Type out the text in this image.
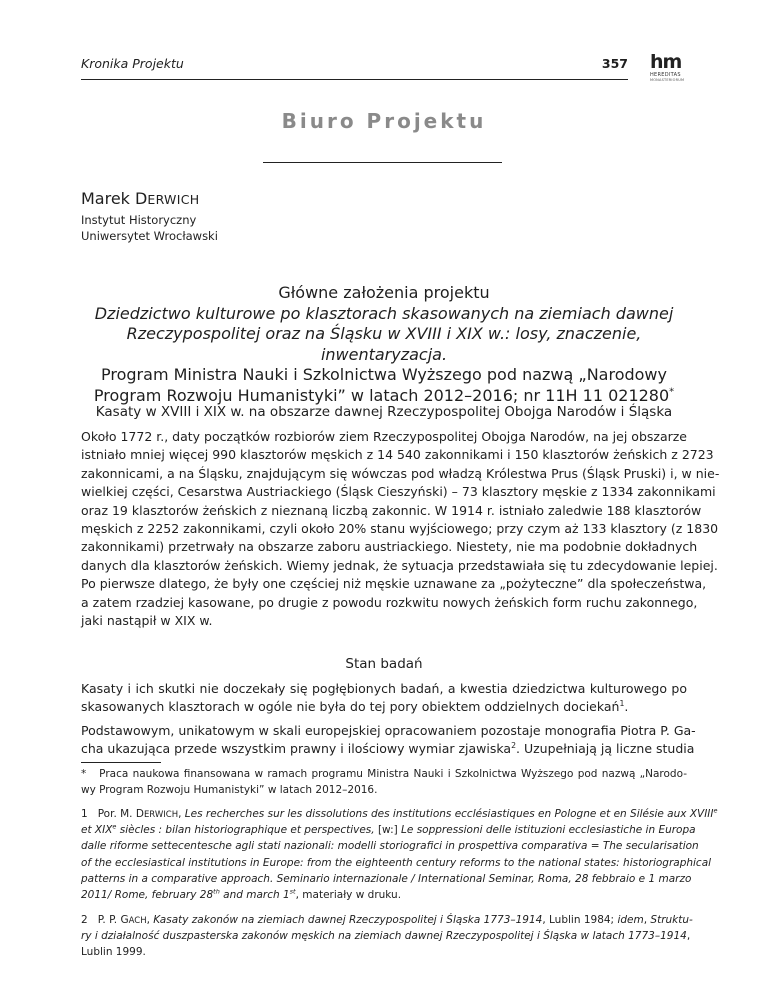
Kronika Projektu	357 hm
HEREDITAS
MONASTERIORUM
Biuro Projektu
Marek DERWICH
Instytut Historyczny
Uniwersytet Wrocławski
Główne założenia projektu
Dziedzictwo kulturowe po klasztorach skasowanych na ziemiach dawnej
Rzeczypospolitej oraz na Śląsku w XVIII i XIX w.: losy, znaczenie, inwentaryzacja.
Program Ministra Nauki i Szkolnictwa Wyższego pod nazwą „Narodowy
Program Rozwoju Humanistyki” w latach 2012–2016; nr 11H 11 021280*
Kasaty w XVIII i XIX w. na obszarze dawnej Rzeczypospolitej Obojga Narodów i Śląska
Około 1772 r., daty początków rozbiorów ziem Rzeczypospolitej Obojga Narodów, na jej obszarze
istniało mniej więcej 990 klasztorów męskich z 14 540 zakonnikami i 150 klasztorów żeńskich z 2723
zakonnicami, a na Śląsku, znajdującym się wówczas pod władzą Królestwa Prus (Śląsk Pruski) i, w nie-
wielkiej części, Cesarstwa Austriackiego (Śląsk Cieszyński) – 73 klasztory męskie z 1334 zakonnikami
oraz 19 klasztorów żeńskich z nieznaną liczbą zakonnic. W 1914 r. istniało zaledwie 188 klasztorów
męskich z 2252 zakonnikami, czyli około 20% stanu wyjściowego; przy czym aż 133 klasztory (z 1830
zakonnikami) przetrwały na obszarze zaboru austriackiego. Niestety, nie ma podobnie dokładnych
danych dla klasztorów żeńskich. Wiemy jednak, że sytuacja przedstawiała się tu zdecydowanie lepiej.
Po pierwsze dlatego, że były one częściej niż męskie uznawane za „pożyteczne” dla społeczeństwa,
a zatem rzadziej kasowane, po drugie z powodu rozkwitu nowych żeńskich form ruchu zakonnego,
jaki nastąpił w XIX w.
Stan badań
Kasaty i ich skutki nie doczekały się pogłębionych badań, a kwestia dziedzictwa kulturowego po
skasowanych klasztorach w ogóle nie była do tej pory obiektem oddzielnych dociekań$^1$.
Podstawowym, unikatowym w skali europejskiej opracowaniem pozostaje monografia Piotra P. Ga-
cha ukazująca przede wszystkim prawny i ilościowy wymiar zjawiska$^2$. Uzupełniają ją liczne studia
* Praca naukowa finansowana w ramach programu Ministra Nauki i Szkolnictwa Wyższego pod nazwą „Narodo-
wy Program Rozwoju Humanistyki” w latach 2012–2016.
1 Por. M. DERWICH, Les recherches sur les dissolutions des institutions ecclésiastiques en Pologne et en Silésie aux XVIIIe
et XIXe siècles : bilan historiographique et perspectives, [w:] Le soppressioni delle istituzioni ecclesiastiche in Europa
dalle riforme settecentesche agli stati nazionali: modelli storiografici in prospettiva comparativa = The secularisation
of the ecclesiastical institutions in Europe: from the eighteenth century reforms to the national states: historiographical
patterns in a comparative approach. Seminario internazionale / International Seminar, Roma, 28 febbraio e 1 marzo
2011/ Rome, february 28th and march 1st, materiały w druku.
2 P. P. GACH, Kasaty zakonów na ziemiach dawnej Rzeczypospolitej i Śląska 1773–1914, Lublin 1984; idem, Struktu-
ry i działalność duszpasterska zakonów męskich na ziemiach dawnej Rzeczypospolitej i Śląska w latach 1773–1914,
Lublin 1999.
